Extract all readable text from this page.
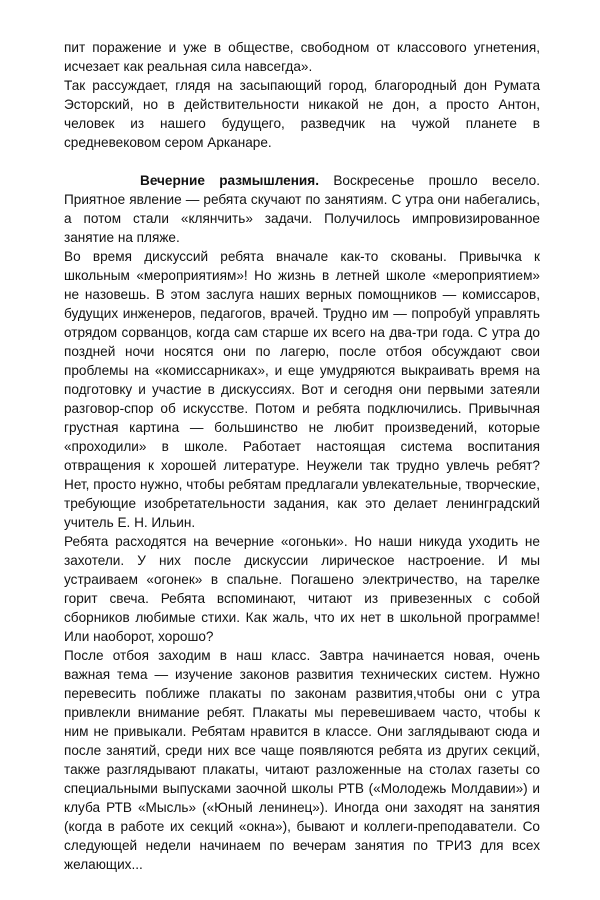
пит поражение и уже в обществе, свободном от классового угнетения, исчезает как реальная сила навсегда».

Так рассуждает, глядя на засыпающий город, благородный дон Румата Эсторский, но в действительности никакой не дон, а просто Антон, человек из нашего будущего, разведчик на чужой планете в средневековом сером Арканаре.

Вечерние размышления. Воскресенье прошло весело. Приятное явление — ребята скучают по занятиям. С утра они набегались, а потом стали «клянчить» задачи. Получилось импровизированное занятие на пляже.

Во время дискуссий ребята вначале как-то скованы. Привычка к школьным «мероприятиям»! Но жизнь в летней школе «мероприятием» не назовешь. В этом заслуга наших верных помощников — комиссаров, будущих инженеров, педагогов, врачей. Трудно им — попробуй управлять отрядом сорванцов, когда сам старше их всего на два-три года. С утра до поздней ночи носятся они по лагерю, после отбоя обсуждают свои проблемы на «комиссарниках», и еще умудряются выкраивать время на подготовку и участие в дискуссиях. Вот и сегодня они первыми затеяли разговор-спор об искусстве. Потом и ребята подключились. Привычная грустная картина — большинство не любит произведений, которые «проходили» в школе. Работает настоящая система воспитания отвращения к хорошей литературе. Неужели так трудно увлечь ребят? Нет, просто нужно, чтобы ребятам предлагали увлекательные, творческие, требующие изобретательности задания, как это делает ленинградский учитель Е. Н. Ильин.

Ребята расходятся на вечерние «огоньки». Но наши никуда уходить не захотели. У них после дискуссии лирическое настроение. И мы устраиваем «огонек» в спальне. Погашено электричество, на тарелке горит свеча. Ребята вспоминают, читают из привезенных с собой сборников любимые стихи. Как жаль, что их нет в школьной программе! Или наоборот, хорошо?

После отбоя заходим в наш класс. Завтра начинается новая, очень важная тема — изучение законов развития технических систем. Нужно перевесить поближе плакаты по законам развития,чтобы они с утра привлекли внимание ребят. Плакаты мы перевешиваем часто, чтобы к ним не привыкали. Ребятам нравится в классе. Они заглядывают сюда и после занятий, среди них все чаще появляются ребята из других секций, также разглядывают плакаты, читают разложенные на столах газеты со специальными выпусками заочной школы РТВ («Молодежь Молдавии») и клуба РТВ «Мысль» («Юный ленинец»). Иногда они заходят на занятия (когда в работе их секций «окна»), бывают и коллеги-преподаватели. Со следующей недели начинаем по вечерам занятия по ТРИЗ для всех желающих...
